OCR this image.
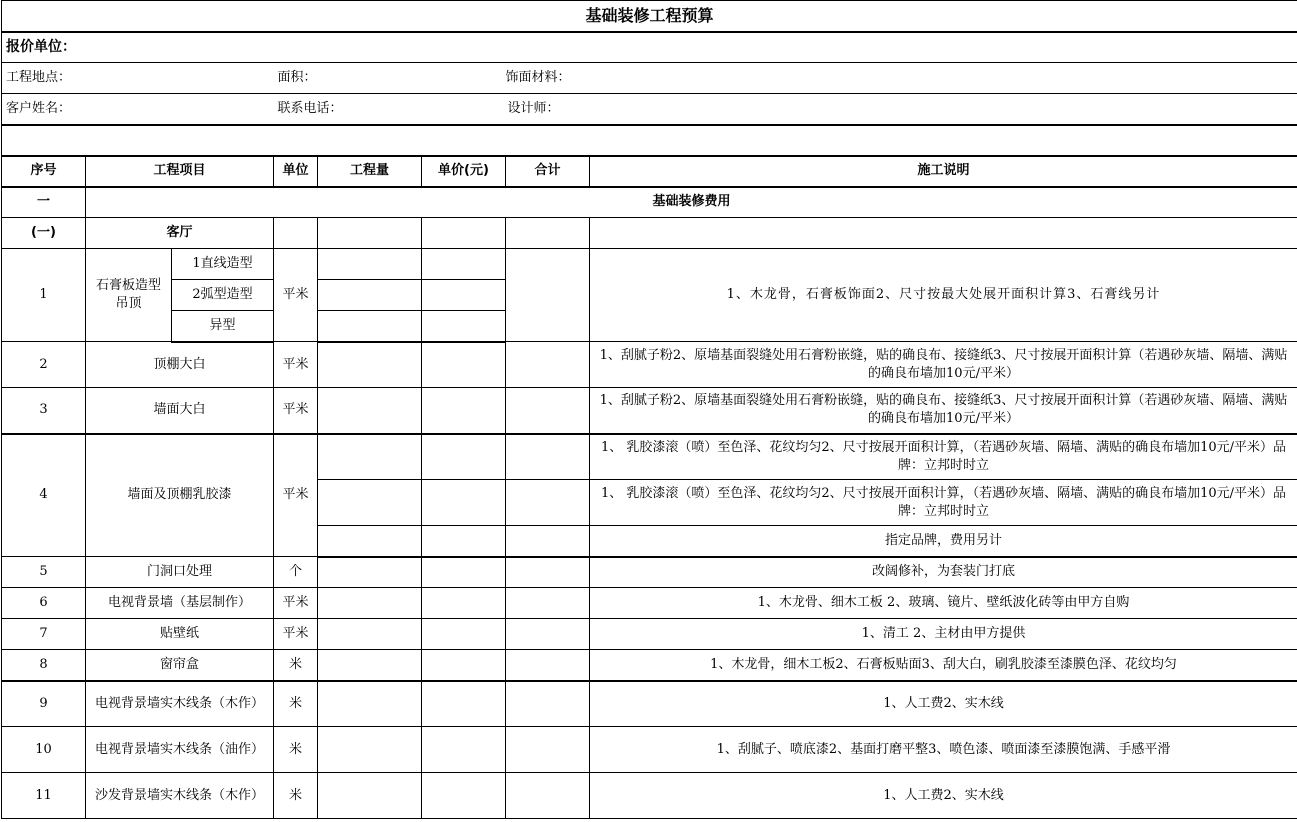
基础装修工程预算							
报价单位：							
工程地点：			面积：			饰面材料：	
客户姓名：			联系电话：			设计师：	

序号	工程项目		单位	工程量	单价(元)	合计	施工说明
一	基础装修费用						
(一)	客厅						
1	石膏板造型吊顶	1直线造型	平米				1、木龙骨，石膏板饰面2、尺寸按最大处展开面积计算3、石膏线另计
		2弧型造型					
		异型					
2	顶棚大白		平米				1、刮腻子粉2、原墙基面裂缝处用石膏粉嵌缝，贴的确良布、接缝纸3、尺寸按展开面积计算（若遇砂灰墙、隔墙、满贴的确良布墙加10元/平米）
3	墙面大白		平米				1、刮腻子粉2、原墙基面裂缝处用石膏粉嵌缝，贴的确良布、接缝纸3、尺寸按展开面积计算（若遇砂灰墙、隔墙、满贴的确良布墙加10元/平米）
4	墙面及顶棚乳胶漆		平米				1、 乳胶漆滚（喷）至色泽、花纹均匀2、尺寸按展开面积计算，（若遇砂灰墙、隔墙、满贴的确良布墙加10元/平米）品牌：立邦时时立
							1、 乳胶漆滚（喷）至色泽、花纹均匀2、尺寸按展开面积计算，（若遇砂灰墙、隔墙、满贴的确良布墙加10元/平米）品牌：立邦时时立
							指定品牌，费用另计
5	门洞口处理		个				改阔修补，为套装门打底
6	电视背景墙（基层制作）		平米				1、木龙骨、细木工板 2、玻璃、镜片、壁纸波化砖等由甲方自购
7	贴壁纸		平米				1、清工 2、主材由甲方提供
8	窗帘盒		米				1、木龙骨，细木工板2、石膏板贴面3、刮大白，刷乳胶漆至漆膜色泽、花纹均匀
9	电视背景墙实木线条（木作）		米				1、人工费2、实木线
10	电视背景墙实木线条（油作）		米				1、刮腻子、喷底漆2、基面打磨平整3、喷色漆、喷面漆至漆膜饱满、手感平滑
11	沙发背景墙实木线条（木作）		米				1、人工费2、实木线
